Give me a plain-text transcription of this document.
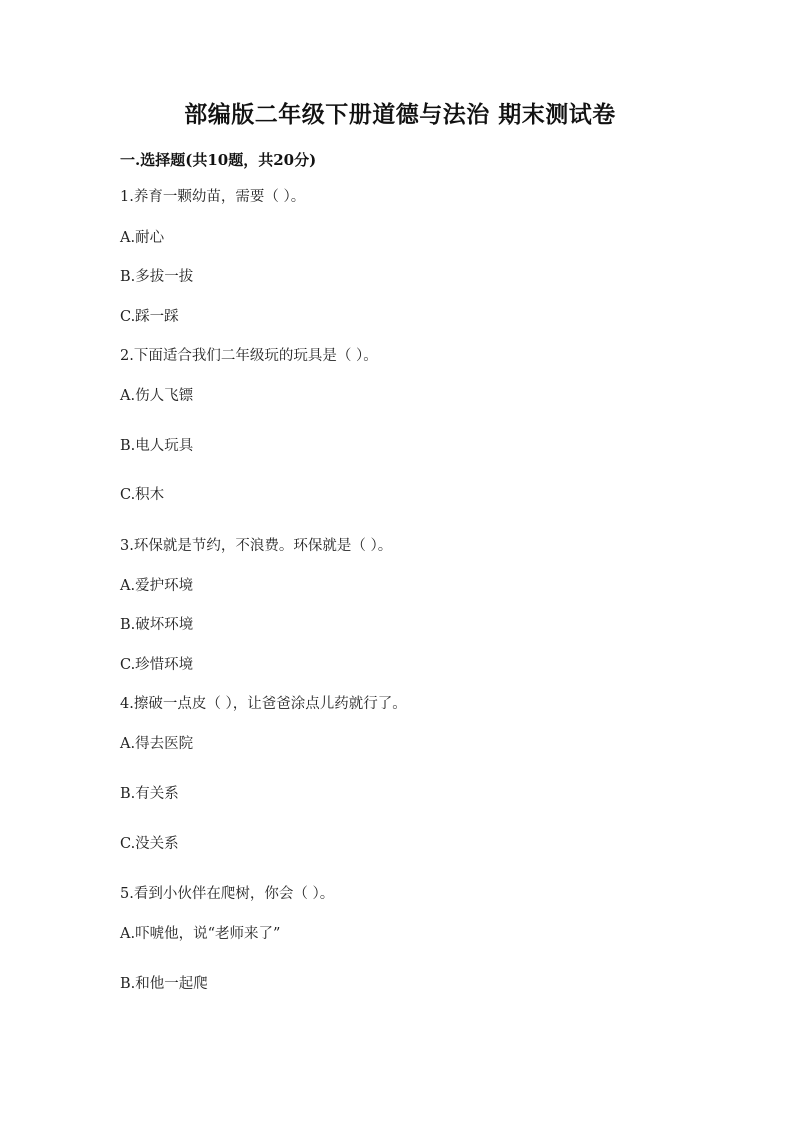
部编版二年级下册道德与法治 期末测试卷
一.选择题(共10题，共20分)
1.养育一颗幼苗，需要（ ）。
A.耐心
B.多拔一拔
C.踩一踩
2.下面适合我们二年级玩的玩具是（ ）。
A.伤人飞镖
B.电人玩具
C.积木
3.环保就是节约，不浪费。环保就是（ ）。
A.爱护环境
B.破坏环境
C.珍惜环境
4.擦破一点皮（ ），让爸爸涂点儿药就行了。
A.得去医院
B.有关系
C.没关系
5.看到小伙伴在爬树，你会（ ）。
A.吓唬他，说“老师来了”
B.和他一起爬
